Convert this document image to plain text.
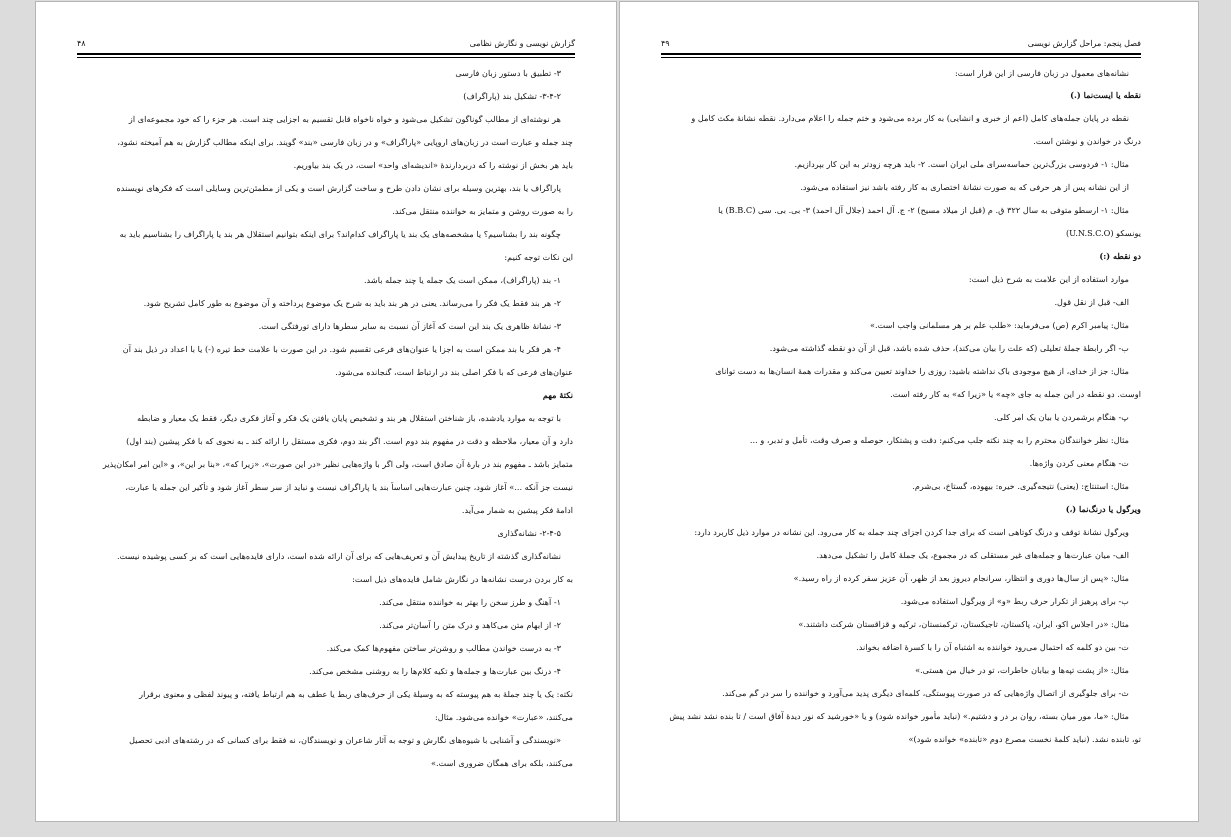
گزارش نویسی و نگارش نظامی
۴۸
۳- تطبیق با دستور زبان فارسی
۳-۴-۲- تشکیل بند (پاراگراف)
هر نوشته‌ای از مطالب گوناگون تشکیل می‌شود و خواه ناخواه قابل تقسیم به اجزایی چند است. هر جزء را که خود مجموعه‌ای از
چند جمله و عبارت است در زبان‌های اروپایی «پاراگراف» و در زبان فارسی «بند» گویند. برای اینکه مطالب گزارش به هم آمیخته نشود،
باید هر بخش از نوشته را که دربردارندهٔ «اندیشه‌ای واحد» است، در یک بند بیاوریم.
پاراگراف یا بند، بهترین وسیله برای نشان دادن طرح و ساخت گزارش است و یکی از مطمئن‌ترین وسایلی است که فکرهای نویسنده
را به صورت روشن و متمایز به خواننده منتقل می‌کند.
چگونه بند را بشناسیم؟ یا مشخصه‌های یک بند یا پاراگراف کدام‌اند؟ برای اینکه بتوانیم استقلال هر بند یا پاراگراف را بشناسیم باید به
این نکات توجه کنیم:
۱- بند (پاراگراف)، ممکن است یک جمله یا چند جمله باشد.
۲- هر بند فقط یک فکر را می‌رساند. یعنی در هر بند باید به شرح یک موضوع پرداخته و آن موضوع به طور کامل تشریح شود.
۳- نشانهٔ ظاهری یک بند این است که آغاز آن نسبت به سایر سطرها دارای تورفتگی است.
۴- هر فکر یا بند ممکن است به اجزا یا عنوان‌های فرعی تقسیم شود. در این صورت با علامت خط تیره (-) یا با اعداد در ذیل بند آن
عنوان‌های فرعی که با فکر اصلی بند در ارتباط است، گنجانده می‌شود.
نکتهٔ مهم
با توجه به موارد یادشده، باز شناختن استقلال هر بند و تشخیص پایان یافتن یک فکر و آغاز فکری دیگر، فقط یک معیار و ضابطه
دارد و آن معیار، ملاحظه و دقت در مفهوم بند دوم است. اگر بند دوم، فکری مستقل را ارائه کند ـ به نحوی که با فکر پیشین (بند اول)
متمایز باشد ـ مفهوم بند در بارهٔ آن صادق است، ولی اگر با واژه‌هایی نظیر «در این صورت»، «زیرا که»، «بنا بر این»، و «این امر امکان‌پذیر
نیست جز آنکه ...» آغاز شود، چنین عبارت‌هایی اساساً بند یا پاراگراف نیست و نباید از سر سطر آغاز شود و تأکیر این جمله یا عبارت،
ادامهٔ فکر پیشین به شمار می‌آید.
۲-۴-۵- نشانه‌گذاری
نشانه‌گذاری گذشته از تاریخ پیدایش آن و تعریف‌هایی که برای آن ارائه شده است، دارای فایده‌هایی است که بر کسی پوشیده نیست.
به کار بردن درست نشانه‌ها در نگارش شامل فایده‌های ذیل است:
۱- آهنگ و طرز سخن را بهتر به خواننده منتقل می‌کند.
۲- از ابهام متن می‌کاهد و درک متن را آسان‌تر می‌کند.
۳- به درست خواندن مطالب و روشن‌تر ساختن مفهوم‌ها کمک می‌کند.
۴- درنگ بین عبارت‌ها و جمله‌ها و تکیه کلام‌ها را به روشنی مشخص می‌کند.
نکته: یک یا چند جملهٔ به هم پیوسته که به وسیلهٔ یکی از حرف‌های ربط یا عطف به هم ارتباط یافته، و پیوند لفظی و معنوی برقرار
می‌کنند، «عبارت» خوانده می‌شود. مثال:
«نویسندگی و آشنایی با شیوه‌های نگارش و توجه به آثار شاعران و نویسندگان، نه فقط برای کسانی که در رشته‌های ادبی تحصیل
می‌کنند، بلکه برای همگان ضروری است.»
فصل پنجم: مراحل گزارش نویسی
۴۹
نشانه‌های معمول در زبان فارسی از این قرار است:
نقطه یا ایست‌نما (.)
نقطه در پایان جمله‌های کامل (اعم از خبری و انشایی) به کار برده می‌شود و ختم جمله را اعلام می‌دارد. نقطه نشانهٔ مکث کامل و
درنگ در خواندن و نوشتن است.
مثال: ۱- فردوسی بزرگ‌ترین حماسه‌سرای ملی ایران است. ۲- باید هرچه زودتر به این کار بپردازیم.
از این نشانه پس از هر حرفی که به صورت نشانهٔ اختصاری به کار رفته باشد نیز استفاده می‌شود.
مثال: ۱- ارسطو متوفی به سال ۳۲۲ ق. م (قبل از میلاد مسیح) ۲- ج. آل احمد (جلال آل احمد) ۳- بی. بی. سی (B.B.C) یا
یونسکو (U.N.S.C.O)
دو نقطه (:)
موارد استفاده از این علامت به شرح ذیل است:
الف- قبل از نقل قول.
مثال: پیامبر اکرم (ص) می‌فرماید: «طلب علم بر هر مسلمانی واجب است.»
ب- اگر رابطهٔ جملهٔ تعلیلی (که علت را بیان می‌کند)، حذف شده باشد، قبل از آن دو نقطه گذاشته می‌شود.
مثال: جز از خدای، از هیچ موجودی باک نداشته باشید: روزی را خداوند تعیین می‌کند و مقدرات همهٔ انسان‌ها به دست توانای
اوست. دو نقطه در این جمله به جای «چه» یا «زیرا که» به کار رفته است.
پ- هنگام برشمردن یا بیان یک امر کلی.
مثال: نظر خوانندگان محترم را به چند نکته جلب می‌کنم: دقت و پشتکار، حوصله و صرف وقت، تأمل و تدبر، و ...
ت- هنگام معنی کردن واژه‌ها.
مثال: استنتاج: (یعنی) نتیجه‌گیری. خیره: بیهوده، گستاخ، بی‌شرم.
ویرگول یا درنگ‌نما (،)
ویرگول نشانهٔ توقف و درنگ کوتاهی است که برای جدا کردن اجزای چند جمله به کار می‌رود. این نشانه در موارد ذیل کاربرد دارد:
الف- میان عبارت‌ها و جمله‌های غیر مستقلی که در مجموع، یک جملهٔ کامل را تشکیل می‌دهد.
مثال: «پس از سال‌ها دوری و انتظار، سرانجام دیروز بعد از ظهر، آن عزیز سفر کرده از راه رسید.»
ب- برای پرهیز از تکرار حرف ربط «و» از ویرگول استفاده می‌شود.
مثال: «در اجلاس اکو، ایران، پاکستان، تاجیکستان، ترکمنستان، ترکیه و قزاقستان شرکت داشتند.»
ت- بین دو کلمه که احتمال می‌رود خواننده به اشتباه آن را با کسرهٔ اضافه بخواند.
مثال: «از پشت تپه‌ها و بیابان خاطرات، تو در خیال من هستی.»
ث- برای جلوگیری از اتصال واژه‌هایی که در صورت پیوستگی، کلمه‌ای دیگری پدید می‌آورد و خواننده را سر در گم می‌کند.
مثال: «ما، مور میان بسته، روان بر در و دشتیم.» (نباید مأمور خوانده شود) و یا «خورشید که نور دیدهٔ آفاق است / تا بنده نشد نشد پیش
تو، تابنده نشد. (نباید کلمهٔ نخست مصرع دوم «تابنده» خوانده شود)»
